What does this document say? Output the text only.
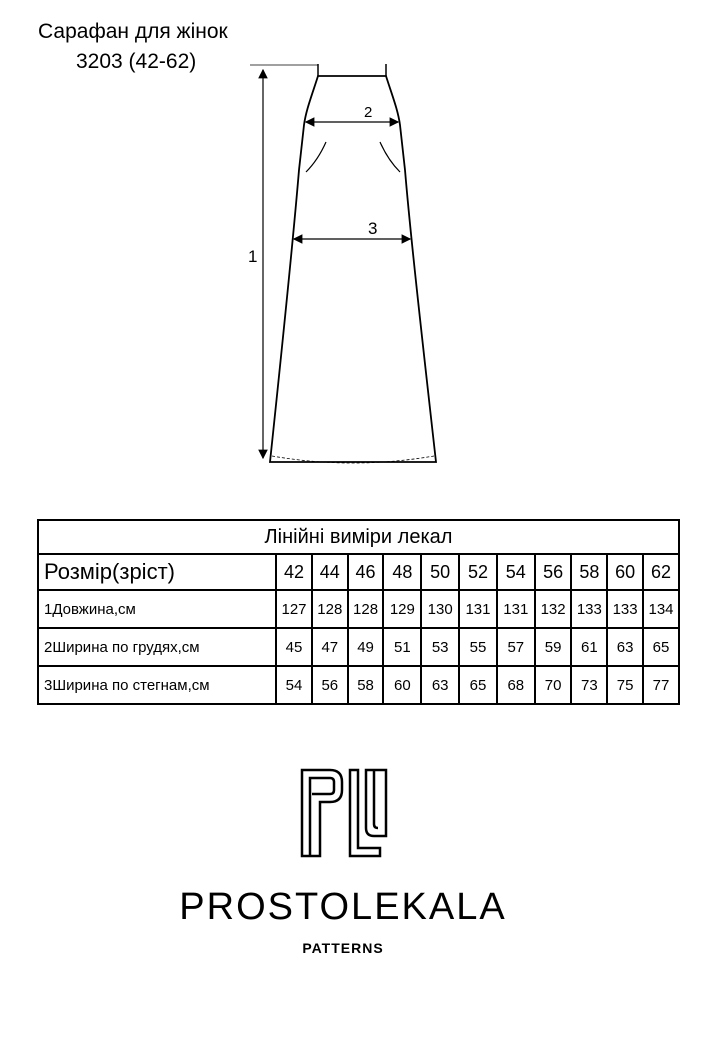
Сарафан для жінок
3203 (42-62)
1
2
3
Лінійні виміри лекал											
Розмір(зріст)	42	44	46	48	50	52	54	56	58	60	62
1Довжина,см	127	128	128	129	130	131	131	132	133	133	134
2Ширина по грудях,см	45	47	49	51	53	55	57	59	61	63	65
3Ширина по стегнам,см	54	56	58	60	63	65	68	70	73	75	77
PROSTOLEKALA
PATTERNS
